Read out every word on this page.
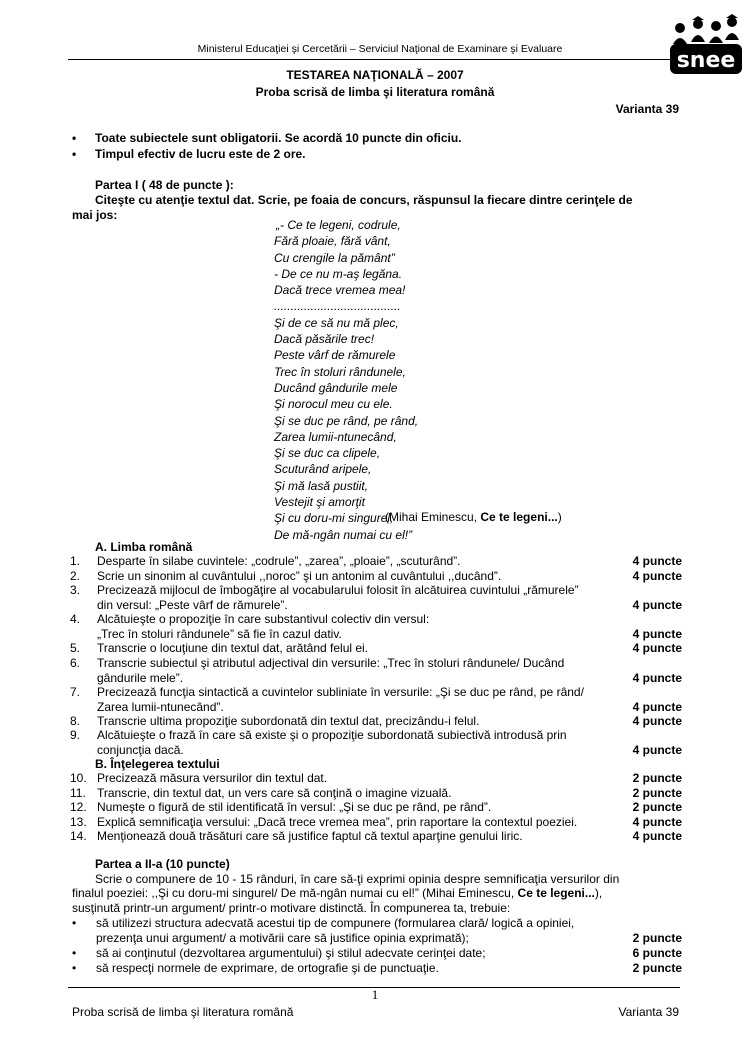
Ministerul Educaţiei şi Cercetării – Serviciul Naţional de Examinare şi Evaluare	snee
TESTAREA NAŢIONALĂ – 2007
Proba scrisă de limba şi literatura română
Varianta 39
• Toate subiectele sunt obligatorii. Se acordă 10 puncte din oficiu.
• Timpul efectiv de lucru este de 2 ore.
Partea I ( 48 de puncte ):
Citeşte cu atenţie textul dat. Scrie, pe foaia de concurs, răspunsul la fiecare dintre cerinţele de
mai jos:
„- Ce te legeni, codrule,
Fără ploaie, fără vânt,
Cu crengile la pământ”
- De ce nu m-aş legăna.
Dacă trece vremea mea!
......................................
Şi de ce să nu mă plec,
Dacă păsările trec!
Peste vârf de rămurele
Trec în stoluri rândunele,
Ducând gândurile mele
Şi norocul meu cu ele.
Şi se duc pe rând, pe rând,
Zarea lumii-ntunecând,
Şi se duc ca clipele,
Scuturând aripele,
Şi mă lasă pustiit,
Vestejit şi amorţit
Şi cu doru-mi singurel,
De mă-ngân numai cu el!”
(Mihai Eminescu, Ce te legeni...)
A. Limba română
1. Desparte în silabe cuvintele: „codrule”, „zarea”, „ploaie”, „scuturând”.	4 puncte
2. Scrie un sinonim al cuvântului ,,noroc” şi un antonim al cuvântului ,,ducând”.	4 puncte
3. Precizează mijlocul de îmbogăţire al vocabularului folosit în alcătuirea cuvintului „rămurele”
din versul: „Peste vârf de rămurele”.	4 puncte
4. Alcătuieşte o propoziţie în care substantivul colectiv din versul:
„Trec în stoluri rândunele” să fie în cazul dativ.	4 puncte
5. Transcrie o locuţiune din textul dat, arătând felul ei.	4 puncte
6. Transcrie subiectul şi atributul adjectival din versurile: „Trec în stoluri rândunele/ Ducând
gândurile mele”.	4 puncte
7. Precizează funcţia sintactică a cuvintelor subliniate în versurile: „Şi se duc pe rând, pe rând/
Zarea lumii-ntunecând”.	4 puncte
8. Transcrie ultima propoziţie subordonată din textul dat, precizându-i felul.	4 puncte
9. Alcătuieşte o frază în care să existe şi o propoziţie subordonată subiectivă introdusă prin
conjuncţia dacă.	4 puncte
B. Înţelegerea textului
10. Precizează măsura versurilor din textul dat.	2 puncte
11. Transcrie, din textul dat, un vers care să conţină o imagine vizuală.	2 puncte
12. Numeşte o figură de stil identificată în versul: „Şi se duc pe rând, pe rând”.	2 puncte
13. Explică semnificaţia versului: „Dacă trece vremea mea”, prin raportare la contextul poeziei.	4 puncte
14. Menţionează două trăsături care să justifice faptul că textul aparţine genului liric.	4 puncte
Partea a II-a (10 puncte)
Scrie o compunere de 10 - 15 rânduri, în care să-ţi exprimi opinia despre semnificaţia versurilor din
finalul poeziei: ,,Şi cu doru-mi singurel/ De mă-ngân numai cu el!” (Mihai Eminescu, Ce te legeni...),
susţinută printr-un argument/ printr-o motivare distinctă. În compunerea ta, trebuie:
• să utilizezi structura adecvată acestui tip de compunere (formularea clară/ logică a opiniei,
prezenţa unui argument/ a motivării care să justifice opinia exprimată);	2 puncte
• să ai conţinutul (dezvoltarea argumentului) şi stilul adecvate cerinţei date;	6 puncte
• să respecţi normele de exprimare, de ortografie şi de punctuaţie.	2 puncte
1
Proba scrisă de limba şi literatura română	Varianta 39
